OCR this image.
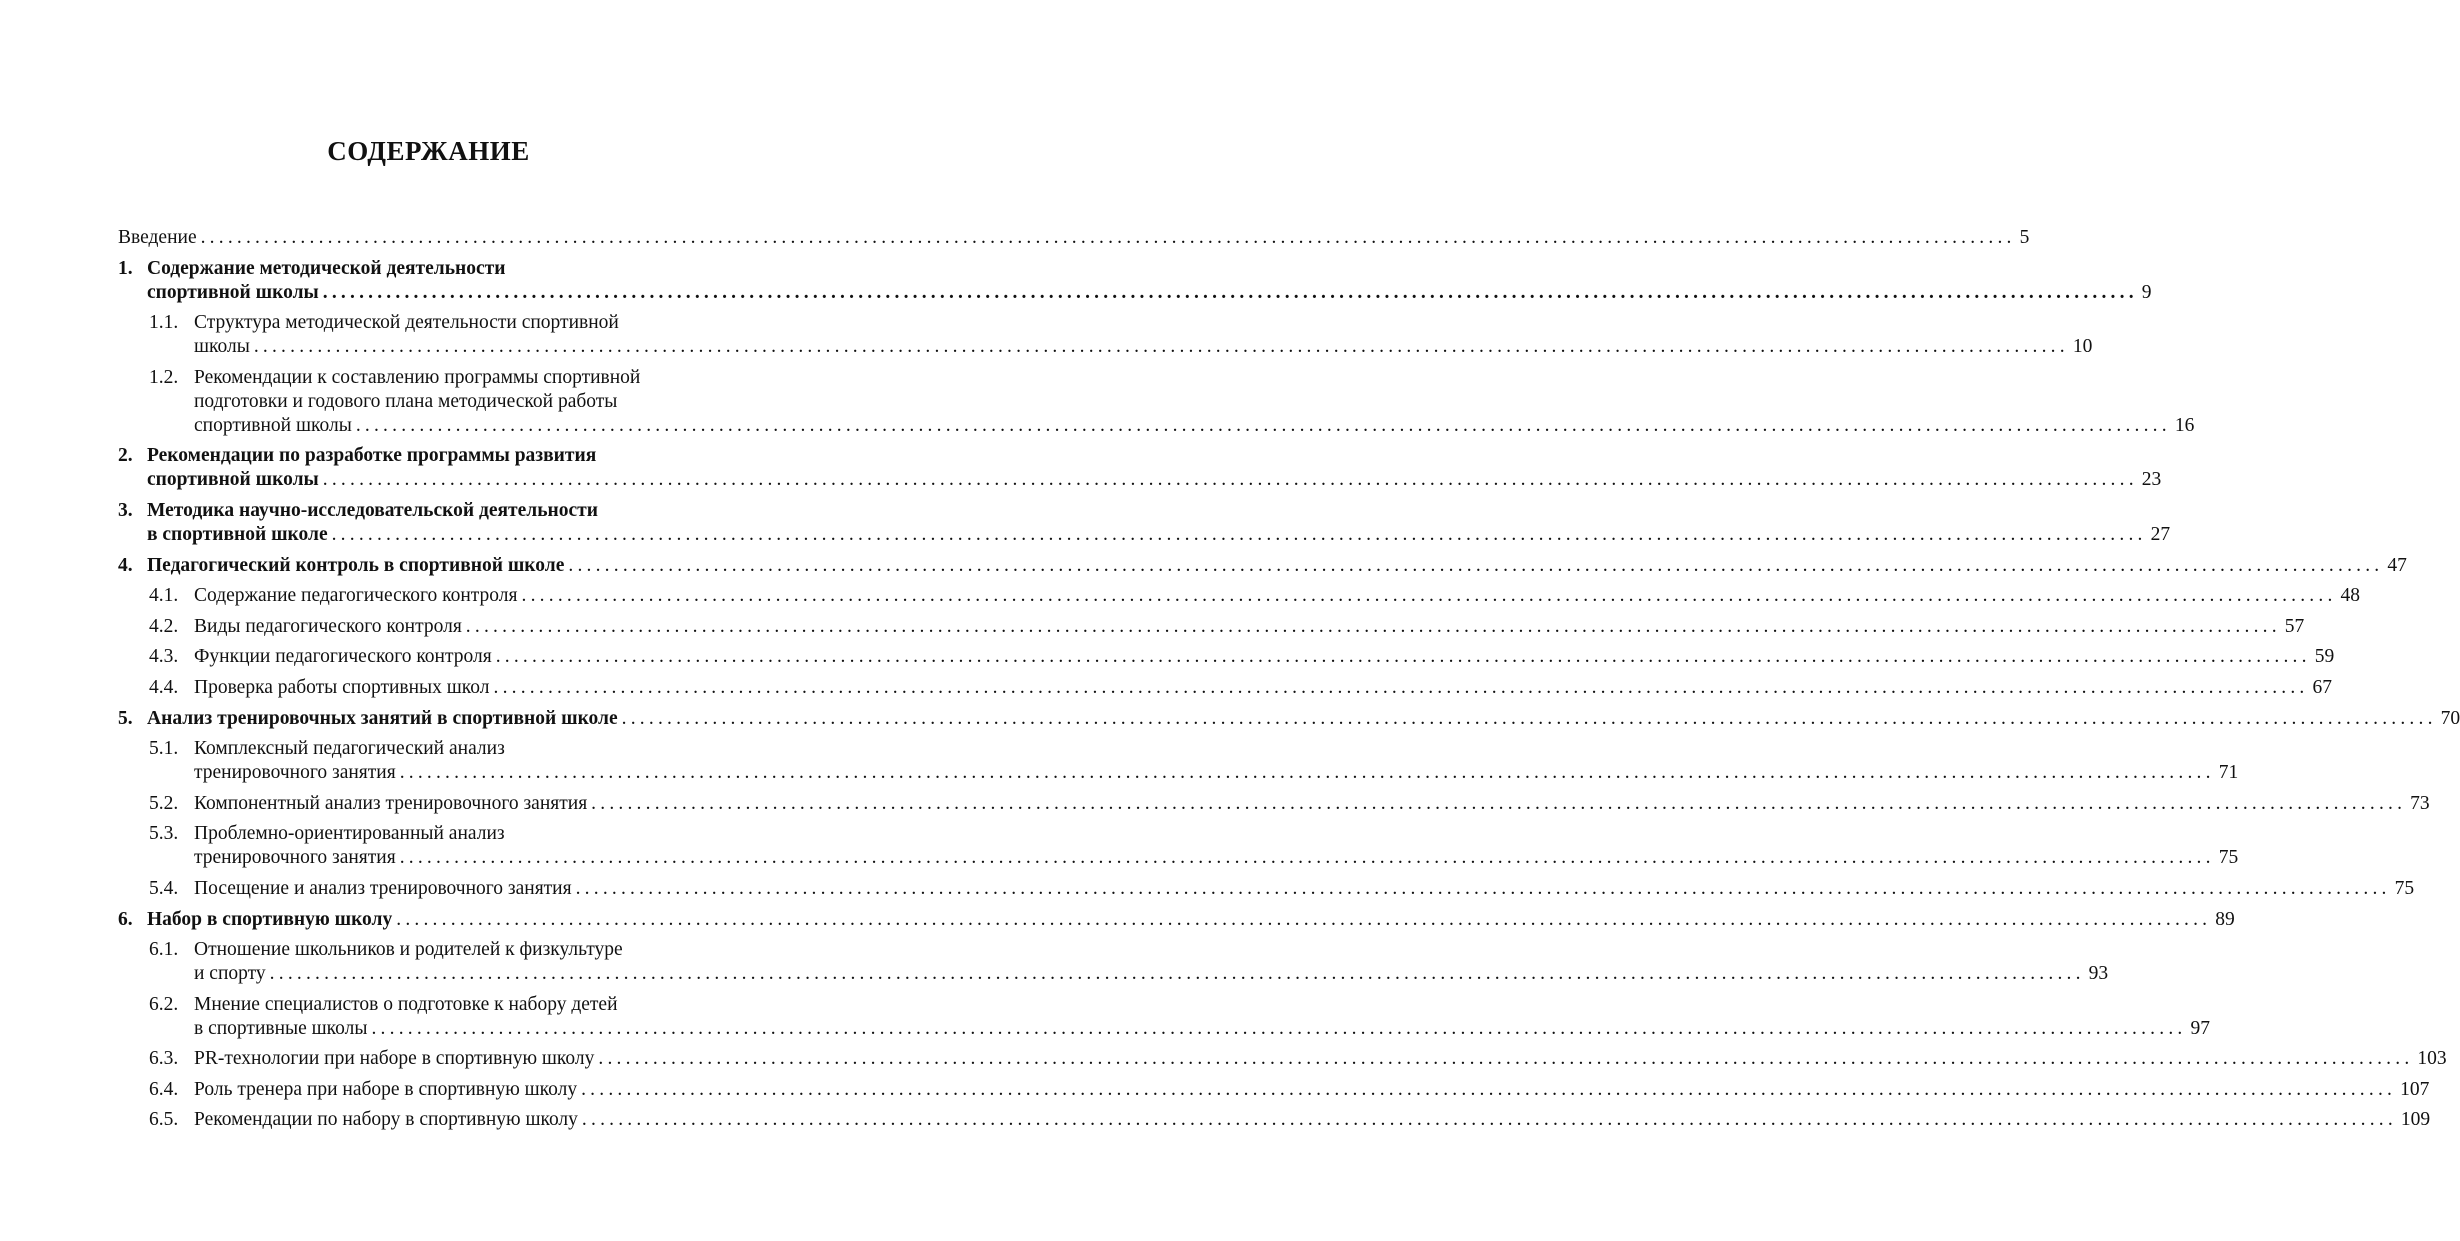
СОДЕРЖАНИЕ
Введение ........................................................................................................................................................................................................ 5
1. Содержание методической деятельности
спортивной школы ........................................................................................................................................................................................................ 9
1.1. Структура методической деятельности спортивной
школы ........................................................................................................................................................................................................ 10
1.2. Рекомендации к составлению программы спортивной
подготовки и годового плана методической работы
спортивной школы ........................................................................................................................................................................................................ 16
2. Рекомендации по разработке программы развития
спортивной школы ........................................................................................................................................................................................................ 23
3. Методика научно-исследовательской деятельности
в спортивной школе ........................................................................................................................................................................................................ 27
4. Педагогический контроль в спортивной школе ........................................................................................................................................................................................................ 47
4.1. Содержание педагогического контроля ........................................................................................................................................................................................................ 48
4.2. Виды педагогического контроля ........................................................................................................................................................................................................ 57
4.3. Функции педагогического контроля ........................................................................................................................................................................................................ 59
4.4. Проверка работы спортивных школ ........................................................................................................................................................................................................ 67
5. Анализ тренировочных занятий в спортивной школе ........................................................................................................................................................................................................ 70
5.1. Комплексный педагогический анализ
тренировочного занятия ........................................................................................................................................................................................................ 71
5.2. Компонентный анализ тренировочного занятия ........................................................................................................................................................................................................ 73
5.3. Проблемно-ориентированный анализ
тренировочного занятия ........................................................................................................................................................................................................ 75
5.4. Посещение и анализ тренировочного занятия ........................................................................................................................................................................................................ 75
6. Набор в спортивную школу ........................................................................................................................................................................................................ 89
6.1. Отношение школьников и родителей к физкультуре
и спорту ........................................................................................................................................................................................................ 93
6.2. Мнение специалистов о подготовке к набору детей
в спортивные школы ........................................................................................................................................................................................................ 97
6.3. PR-технологии при наборе в спортивную школу ........................................................................................................................................................................................................ 103
6.4. Роль тренера при наборе в спортивную школу ........................................................................................................................................................................................................ 107
6.5. Рекомендации по набору в спортивную школу ........................................................................................................................................................................................................ 109
